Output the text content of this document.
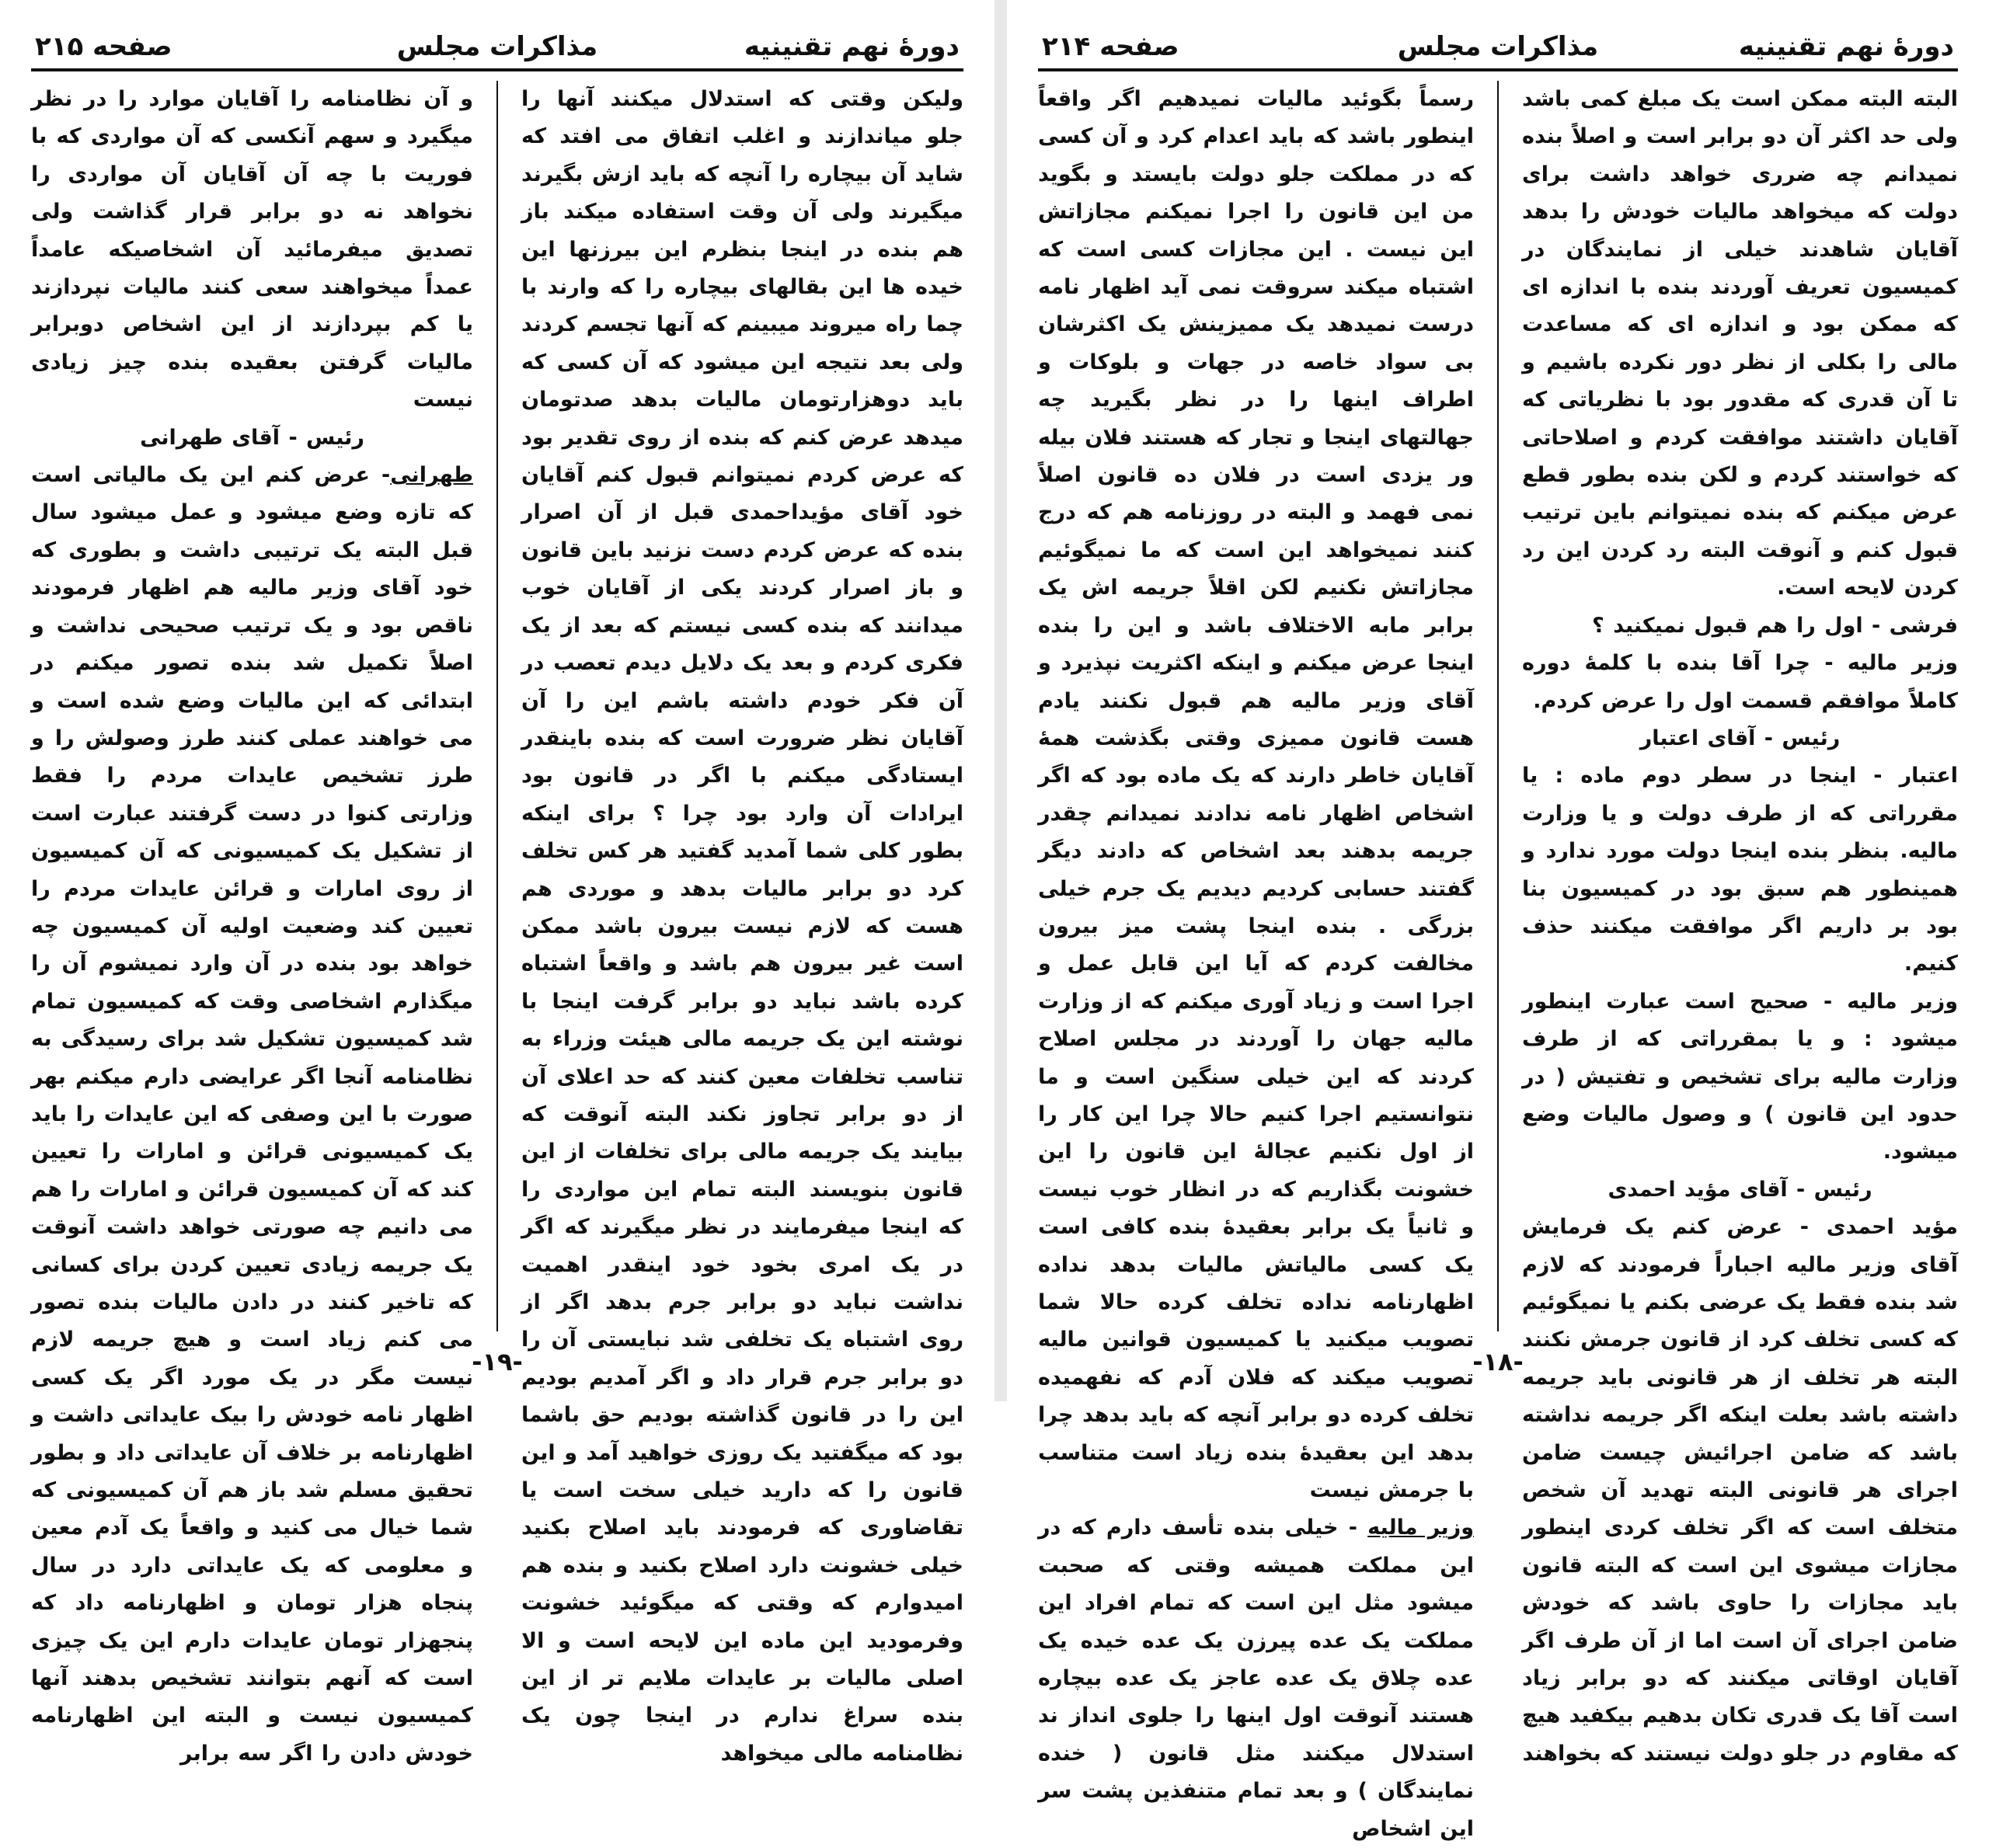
دورهٔ نهم تقنینیه
مذاکرات مجلس
صفحه ۲۱۵

و آن نظامنامه را آقایان موارد را در نظر میگیرد و سهم آنکسی که آن مواردی که با فوریت با چه آن آقایان آن مواردی را نخواهد نه دو برابر قرار گذاشت ولی تصدیق میفرمائید آن اشخاصیکه عامداً عمداً میخواهند سعی کنند مالیات نپردازند یا کم بپردازند از این اشخاص دوبرابر مالیات گرفتن بعقیده بنده چیز زیادی نیست

رئیس - آقای طهرانی

طهرانی- عرض کنم این یک مالیاتی است که تازه وضع میشود و عمل میشود سال قبل البته یک ترتیبی داشت و بطوری که خود آقای وزیر مالیه هم اظهار فرمودند ناقص بود و یک ترتیب صحیحی نداشت و اصلاً تکمیل شد بنده تصور میکنم در ابتدائی که این مالیات وضع شده است و می خواهند عملی کنند طرز وصولش را و طرز تشخیص عایدات مردم را فقط وزارتی کنوا در دست گرفتند عبارت است از تشکیل یک کمیسیونی که آن کمیسیون از روی امارات و قرائن عایدات مردم را تعیین کند وضعیت اولیه آن کمیسیون چه خواهد بود بنده در آن وارد نمیشوم آن را میگذارم اشخاصی وقت که کمیسیون تمام شد کمیسیون تشکیل شد برای رسیدگی به نظامنامه آنجا اگر عرایضی دارم میکنم بهر صورت با این وصفی که این عایدات را باید یک کمیسیونی قرائن و امارات را تعیین کند که آن کمیسیون قرائن و امارات را هم می دانیم چه صورتی خواهد داشت آنوقت یک جریمه زیادی تعیین کردن برای کسانی که تاخیر کنند در دادن مالیات بنده تصور می کنم زیاد است و هیچ جریمه لازم نیست مگر در یک مورد اگر یک کسی اظهار نامه خودش را بیک عایداتی داشت و اظهارنامه بر خلاف آن عایداتی داد و بطور تحقیق مسلم شد باز هم آن کمیسیونی که شما خیال می کنید و واقعاً یک آدم معین و معلومی که یک عایداتی دارد در سال پنجاه هزار تومان و اظهارنامه داد که پنجهزار تومان عایدات دارم این یک چیزی است که آنهم بتوانند تشخیص بدهند آنها کمیسیون نیست و البته این اظهارنامه خودش دادن را اگر سه برابر

ولیکن وقتی که استدلال میکنند آنها را جلو میاندازند و اغلب اتفاق می افتد که شاید آن بیچاره را آنچه که باید ازش بگیرند میگیرند ولی آن وقت استفاده میکند باز هم بنده در اینجا بنظرم این بیرزنها این خیده ها این بقالهای بیچاره را که وارند با چما راه میروند میبینم که آنها تجسم کردند ولی بعد نتیجه این میشود که آن کسی که باید دوهزارتومان مالیات بدهد صدتومان میدهد عرض کنم که بنده از روی تقدیر بود که عرض کردم نمیتوانم قبول کنم آقایان خود آقای مؤیداحمدی قبل از آن اصرار بنده که عرض کردم دست نزنید باین قانون و باز اصرار کردند یکی از آقایان خوب میدانند که بنده کسی نیستم که بعد از یک فکری کردم و بعد یک دلایل دیدم تعصب در آن فکر خودم داشته باشم این را آن آقایان نظر ضرورت است که بنده باینقدر ایستادگی میکنم با اگر در قانون بود ایرادات آن وارد بود چرا ؟ برای اینکه بطور کلی شما آمدید گفتید هر کس تخلف کرد دو برابر مالیات بدهد و موردی هم هست که لازم نیست بیرون باشد ممکن است غیر بیرون هم باشد و واقعاً اشتباه کرده باشد نباید دو برابر گرفت اینجا با نوشته این یک جریمه مالی هیئت وزراء به تناسب تخلفات معین کنند که حد اعلای آن از دو برابر تجاوز نکند البته آنوقت که بیایند یک جریمه مالی برای تخلفات از این قانون بنویسند البته تمام این مواردی را که اینجا میفرمایند در نظر میگیرند که اگر در یک امری بخود خود اینقدر اهمیت نداشت نباید دو برابر جرم بدهد اگر از روی اشتباه یک تخلفی شد نبایستی آن را دو برابر جرم قرار داد و اگر آمدیم بودیم این را در قانون گذاشته بودیم حق باشما بود که میگفتید یک روزی خواهید آمد و این قانون را که دارید خیلی سخت است یا تقاضاوری که فرمودند باید اصلاح بکنید خیلی خشونت دارد اصلاح بکنید و بنده هم امیدوارم که وقتی که میگوئید خشونت وفرمودید این ماده این لایحه است و الا اصلی مالیات بر عایدات ملایم تر از این بنده سراغ ندارم در اینجا چون یک نظامنامه مالی میخواهد

-۱۹-
دورهٔ نهم تقنینیه
مذاکرات مجلس
صفحه ۲۱۴

رسماً بگوئید مالیات نمیدهیم اگر واقعاً اینطور باشد که باید اعدام کرد و آن کسی که در مملکت جلو دولت بایستد و بگوید من این قانون را اجرا نمیکنم مجازاتش این نیست . این مجازات کسی است که اشتباه میکند سروقت نمی آید اظهار نامه درست نمیدهد یک ممیزینش یک اکثرشان بی سواد خاصه در جهات و بلوکات و اطراف اینها را در نظر بگیرید چه جهالتهای اینجا و تجار که هستند فلان بیله ور یزدی است در فلان ده قانون اصلاً نمی فهمد و البته در روزنامه هم که درج کنند نمیخواهد این است که ما نمیگوئیم مجازاتش نکنیم لکن اقلاً جریمه اش یک برابر مابه الاختلاف باشد و این را بنده اینجا عرض میکنم و اینکه اکثریت نپذیرد و آقای وزیر مالیه هم قبول نکنند یادم هست قانون ممیزی وقتی بگذشت همهٔ آقایان خاطر دارند که یک ماده بود که اگر اشخاص اظهار نامه ندادند نمیدانم چقدر جریمه بدهند بعد اشخاص که دادند دیگر گفتند حسابی کردیم دیدیم یک جرم خیلی بزرگی . بنده اینجا پشت میز بیرون مخالفت کردم که آیا این قابل عمل و اجرا است و زیاد آوری میکنم که از وزارت مالیه جهان را آوردند در مجلس اصلاح کردند که این خیلی سنگین است و ما نتوانستیم اجرا کنیم حالا چرا این کار را از اول نکنیم عجالهٔ این قانون را این خشونت بگذاریم که در انظار خوب نیست و ثانیاً یک برابر بعقیدهٔ بنده کافی است یک کسی مالیاتش مالیات بدهد نداده اظهارنامه نداده تخلف کرده حالا شما تصویب میکنید یا کمیسیون قوانین مالیه تصویب میکند که فلان آدم که نفهمیده تخلف کرده دو برابر آنچه که باید بدهد چرا بدهد این بعقیدهٔ بنده زیاد است متناسب با جرمش نیست

وزیر مالیه - خیلی بنده تأسف دارم که در این مملکت همیشه وقتی که صحبت میشود مثل این است که تمام افراد این مملکت یک عده پیرزن یک عده خیده یک عده چلاق یک عده عاجز یک عده بیچاره هستند آنوقت اول اینها را جلوی انداز ند استدلال میکنند مثل قانون ( خنده نمایندگان ) و بعد تمام متنفذین پشت سر این اشخاص

البته البته ممکن است یک مبلغ کمی باشد ولی حد اکثر آن دو برابر است و اصلاً بنده نمیدانم چه ضرری خواهد داشت برای دولت که میخواهد مالیات خودش را بدهد آقایان شاهدند خیلی از نمایندگان در کمیسیون تعریف آوردند بنده با اندازه ای که ممکن بود و اندازه ای که مساعدت مالی را بکلی از نظر دور نکرده باشیم و تا آن قدری که مقدور بود با نظریاتی که آقایان داشتند موافقت کردم و اصلاحاتی که خواستند کردم و لکن بنده بطور قطع عرض میکنم که بنده نمیتوانم باین ترتیب قبول کنم و آنوقت البته رد کردن این رد کردن لایحه است.

فرشی - اول را هم قبول نمیکنید ؟

وزیر مالیه - چرا آقا بنده با کلمهٔ دوره کاملاً موافقم قسمت اول را عرض کردم.

رئیس - آقای اعتبار

اعتبار - اینجا در سطر دوم ماده : یا مقرراتی که از طرف دولت و یا وزارت مالیه. بنظر بنده اینجا دولت مورد ندارد و همینطور هم سبق بود در کمیسیون بنا بود بر داریم اگر موافقت میکنند حذف کنیم.

وزیر مالیه - صحیح است عبارت اینطور میشود : و یا بمقرراتی که از طرف وزارت مالیه برای تشخیص و تفتیش ( در حدود این قانون ) و وصول مالیات وضع میشود.

رئیس - آقای مؤید احمدی

مؤید احمدی - عرض کنم یک فرمایش آقای وزیر مالیه اجباراً فرمودند که لازم شد بنده فقط یک عرضی بکنم یا نمیگوئیم که کسی تخلف کرد از قانون جرمش نکنند البته هر تخلف از هر قانونی باید جریمه داشته باشد بعلت اینکه اگر جریمه نداشته باشد که ضامن اجرائیش چیست ضامن اجرای هر قانونی البته تهدید آن شخص متخلف است که اگر تخلف کردی اینطور مجازات میشوی این است که البته قانون باید مجازات را حاوی باشد که خودش ضامن اجرای آن است اما از آن طرف اگر آقایان اوقاتی میکنند که دو برابر زیاد است آقا یک قدری تکان بدهیم بیکفید هیچ که مقاوم در جلو دولت نیستند که بخواهند

-۱۸-
